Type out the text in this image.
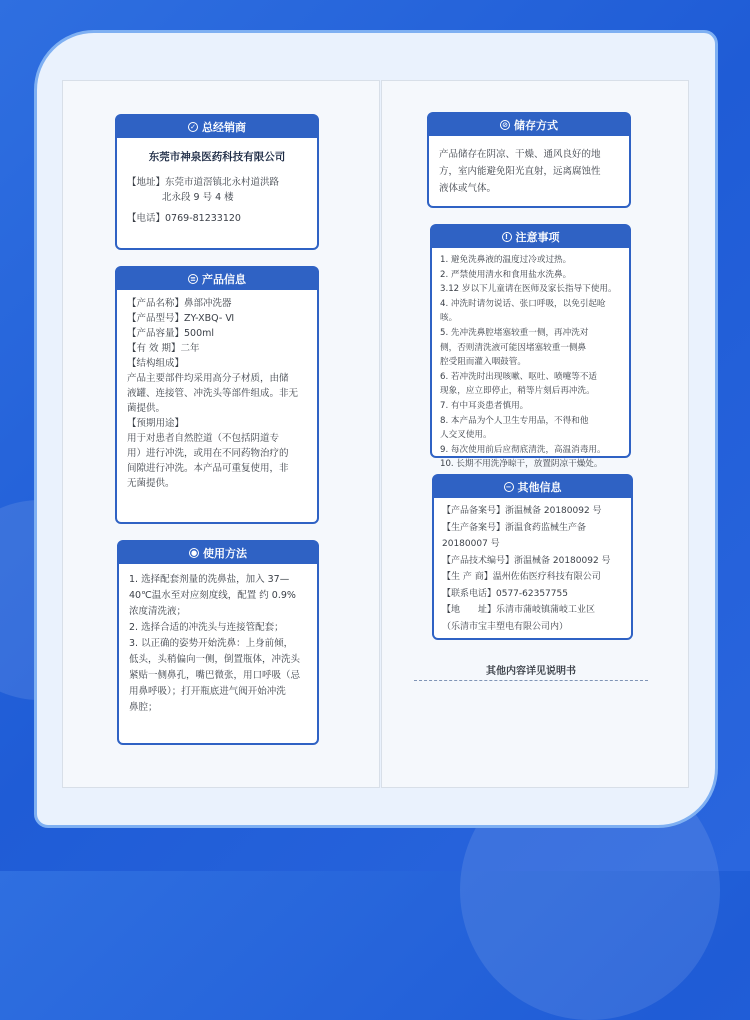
✓ 总经销商
东莞市神泉医药科技有限公司
【地址】 东莞市道滘镇北永村道洪路
北永段 9 号 4 楼
【电话】 0769-81233120
≡ 产品信息
【产品名称】鼻部冲洗器
【产品型号】ZY-XBQ- Ⅵ
【产品容量】500ml
【有 效 期】二年
【结构组成】
产品主要部件均采用高分子材质，由储
液罐、连接管、冲洗头等部件组成。非无
菌提供。
【预期用途】
用于对患者自然腔道（不包括阴道专
用）进行冲洗，或用在不同药物治疗的
间隙进行冲洗。本产品可重复使用，非
无菌提供。
● 使用方法
1. 选择配套剂量的洗鼻盐，加入 37—
40℃温水至对应刻度线，配置 约 0.9%
浓度清洗液；
2. 选择合适的冲洗头与连接管配套；
3. 以正确的姿势开始洗鼻：上身前倾，
低头，头稍偏向一侧，倒置瓶体，冲洗头
紧贴一侧鼻孔，嘴巴微张，用口呼吸（忌
用鼻呼吸）；打开瓶底进气阀开始冲洗
鼻腔；
⊘ 储存方式
产品储存在阴凉、干燥、通风良好的地
方，室内能避免阳光直射，远离腐蚀性
液体或气体。
! 注意事项
1. 避免洗鼻液的温度过冷或过热。
2. 严禁使用清水和食用盐水洗鼻。
3.12 岁以下儿童请在医师及家长指导下使用。
4. 冲洗时请勿说话、张口呼吸，以免引起呛咳。
5. 先冲洗鼻腔堵塞较重一侧，再冲洗对
侧，否则清洗液可能因堵塞较重一侧鼻
腔受阻而灌入咽鼓管。
6. 若冲洗时出现咳嗽、呕吐、喷嚏等不适
现象，应立即停止，稍等片刻后再冲洗。
7. 有中耳炎患者慎用。
8. 本产品为个人卫生专用品，不得和他
人交叉使用。
9. 每次使用前后应彻底清洗，高温消毒用。
10. 长期不用洗净晾干，放置阴凉干燥处。
− 其他信息
【产品备案号】浙温械备 20180092 号
【生产备案号】浙温食药监械生产备
20180007 号
【产品技术编号】浙温械备 20180092 号
【生 产 商】温州佐佑医疗科技有限公司
【联系电话】0577-62357755
【地　　址】乐清市蒲岐镇蒲岐工业区
（乐清市宝丰塑电有限公司内）
其他内容详见说明书
